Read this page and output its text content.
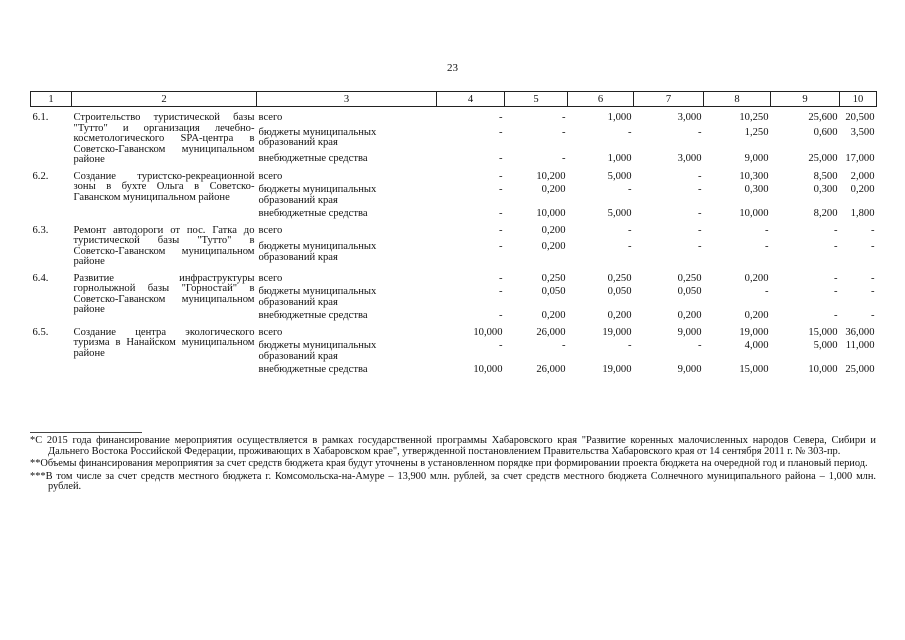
23
1	2	3	4	5	6	7	8	9	10
6.1.	Строительство туристической базы "Тутто" и организация лечебно-косметологического SPA-центра в Советско-Гаванском муниципальном районе	всего	-	-	1,000	3,000	10,250	25,600	20,500
		бюджеты муниципальных образований края	-	-	-	-	1,250	0,600	3,500
		внебюджетные средства	-	-	1,000	3,000	9,000	25,000	17,000
6.2.	Создание туристско-рекреационной зоны в бухте Ольга в Советско-Гаванском муниципальном районе	всего	-	10,200	5,000	-	10,300	8,500	2,000
		бюджеты муниципальных образований края	-	0,200	-	-	0,300	0,300	0,200
		внебюджетные средства	-	10,000	5,000	-	10,000	8,200	1,800
6.3.	Ремонт автодороги от пос. Гатка до туристической базы "Тутто" в Советско-Гаванском муниципальном районе	всего	-	0,200	-	-	-	-	-
		бюджеты муниципальных образований края	-	0,200	-	-	-	-	-
6.4.	Развитие инфраструктуры горнолыжной базы "Горностай" в Советско-Гаванском муниципальном районе	всего	-	0,250	0,250	0,250	0,200	-	-
		бюджеты муниципальных образований края	-	0,050	0,050	0,050	-	-	-
		внебюджетные средства	-	0,200	0,200	0,200	0,200	-	-
6.5.	Создание центра экологического туризма в Нанайском муниципальном районе	всего	10,000	26,000	19,000	9,000	19,000	15,000	36,000
		бюджеты муниципальных образований края	-	-	-	-	4,000	5,000	11,000
		внебюджетные средства	10,000	26,000	19,000	9,000	15,000	10,000	25,000

*С 2015 года финансирование мероприятия осуществляется в рамках государственной программы Хабаровского края "Развитие коренных малочисленных народов Севера, Сибири и Дальнего Востока Российской Федерации, проживающих в Хабаровском крае", утвержденной постановлением Правительства Хабаровского края от 14 сентября 2011 г. № 303-пр.

**Объемы финансирования мероприятия за счет средств бюджета края будут уточнены в установленном порядке при формировании проекта бюджета на очередной год и плановый период.

***В том числе за счет средств местного бюджета г. Комсомольска-на-Амуре – 13,900 млн. рублей, за счет средств местного бюджета Солнечного муниципального района – 1,000 млн. рублей.
